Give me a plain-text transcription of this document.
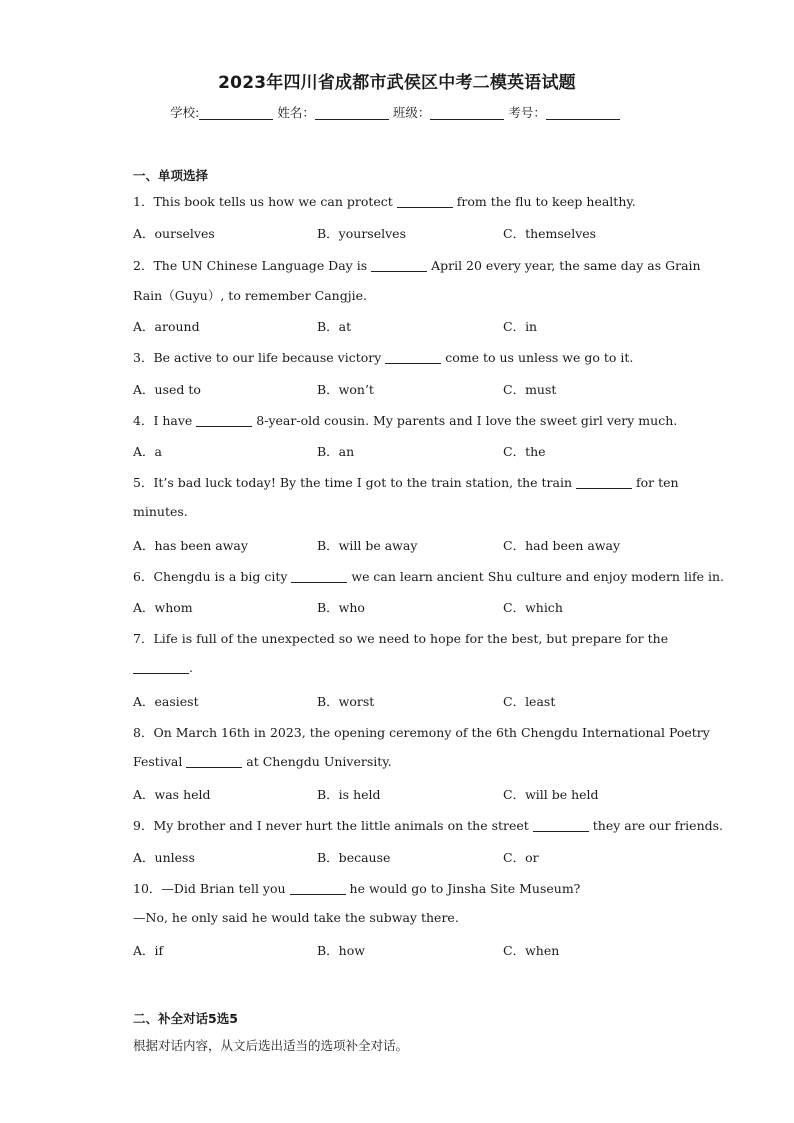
2023年四川省成都市武侯区中考二模英语试题
学校:	姓名：	班级：	考号：
一、单项选择
1．This book tells us how we can protect	from the flu to keep healthy.
A．ourselves	B．yourselves	C．themselves
2．The UN Chinese Language Day is	April 20 every year, the same day as Grain
Rain（Guyu）, to remember Cangjie.
A．around	B．at	C．in
3．Be active to our life because victory	come to us unless we go to it.
A．used to	B．won’t	C．must
4．I have	8-year-old cousin. My parents and I love the sweet girl very much.
A．a	B．an	C．the
5．It’s bad luck today! By the time I got to the train station, the train	for ten
minutes.
A．has been away	B．will be away	C．had been away
6．Chengdu is a big city	we can learn ancient Shu culture and enjoy modern life in.
A．whom	B．who	C．which
7．Life is full of the unexpected so we need to hope for the best, but prepare for the
.
A．easiest	B．worst	C．least
8．On March 16th in 2023, the opening ceremony of the 6th Chengdu International Poetry
Festival	at Chengdu University.
A．was held	B．is held	C．will be held
9．My brother and I never hurt the little animals on the street	they are our friends.
A．unless	B．because	C．or
10．—Did Brian tell you	he would go to Jinsha Site Museum?
—No, he only said he would take the subway there.
A．if	B．how	C．when
二、补全对话5选5
根据对话内容，从文后选出适当的选项补全对话。
